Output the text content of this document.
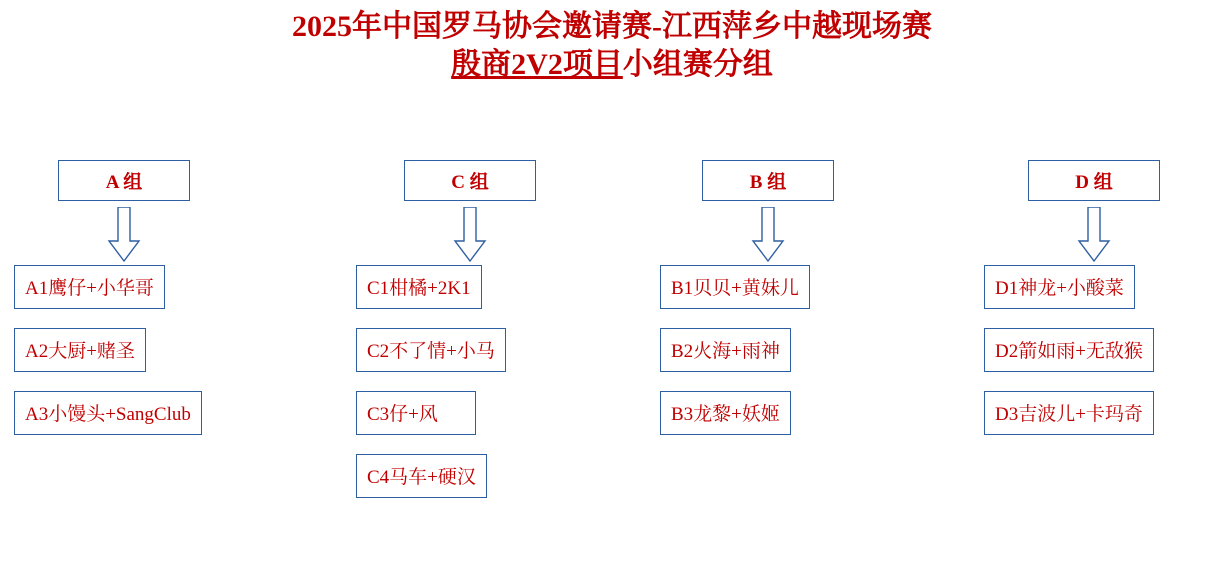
2025年中国罗马协会邀请赛-江西萍乡中越现场赛
殷商2V2项目小组赛分组
A 组
A1鹰仔+小华哥
A2大厨+赌圣
A3小馒头+SangClub
C 组
C1柑橘+2K1
C2不了情+小马
C3仔+风
C4马车+硬汉
B 组
B1贝贝+黄妹儿
B2火海+雨神
B3龙黎+妖姬
D 组
D1神龙+小酸菜
D2箭如雨+无敌猴
D3吉波儿+卡玛奇
